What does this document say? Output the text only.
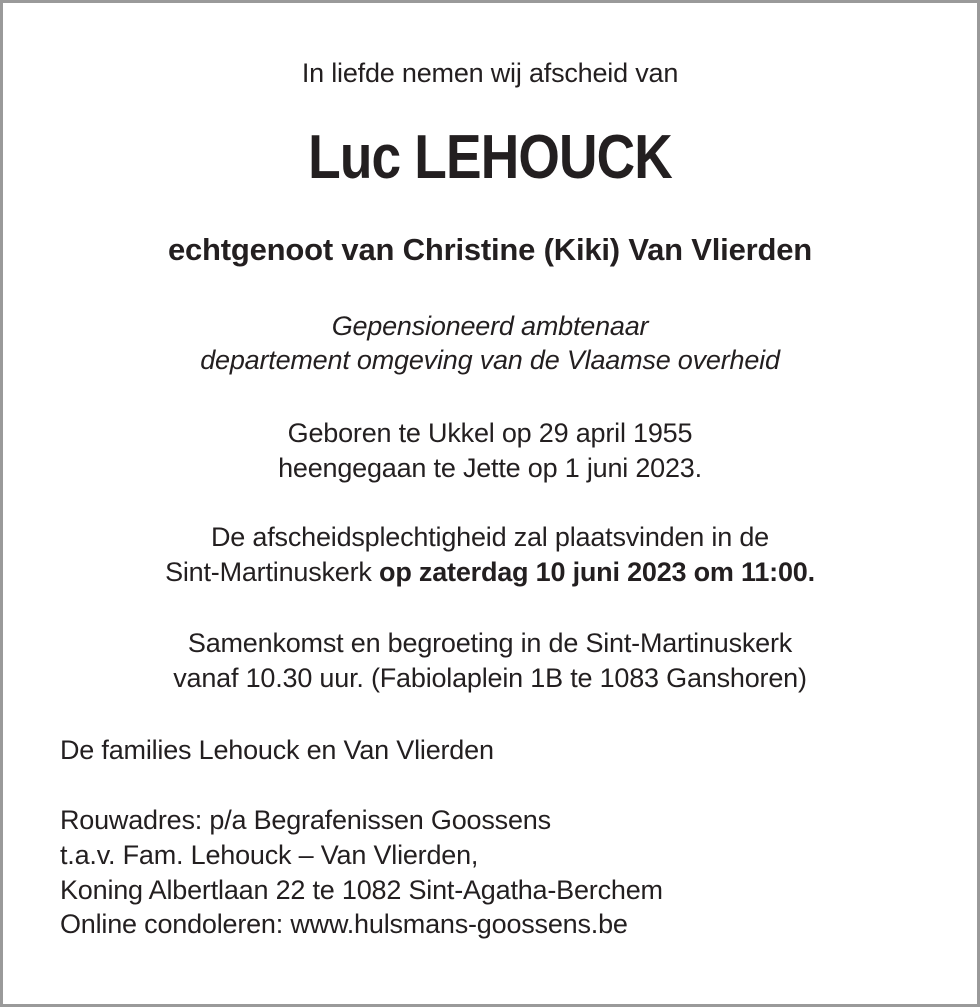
In liefde nemen wij afscheid van
Luc LEHOUCK
echtgenoot van Christine (Kiki) Van Vlierden
Gepensioneerd ambtenaar
departement omgeving van de Vlaamse overheid
Geboren te Ukkel op 29 april 1955
heengegaan te Jette op 1 juni 2023.
De afscheidsplechtigheid zal plaatsvinden in de
Sint-Martinuskerk op zaterdag 10 juni 2023 om 11:00.
Samenkomst en begroeting in de Sint-Martinuskerk
vanaf 10.30 uur. (Fabiolaplein 1B te 1083 Ganshoren)
De families Lehouck en Van Vlierden
Rouwadres: p/a Begrafenissen Goossens
t.a.v. Fam. Lehouck – Van Vlierden,
Koning Albertlaan 22 te 1082 Sint-Agatha-Berchem
Online condoleren: www.hulsmans-goossens.be
